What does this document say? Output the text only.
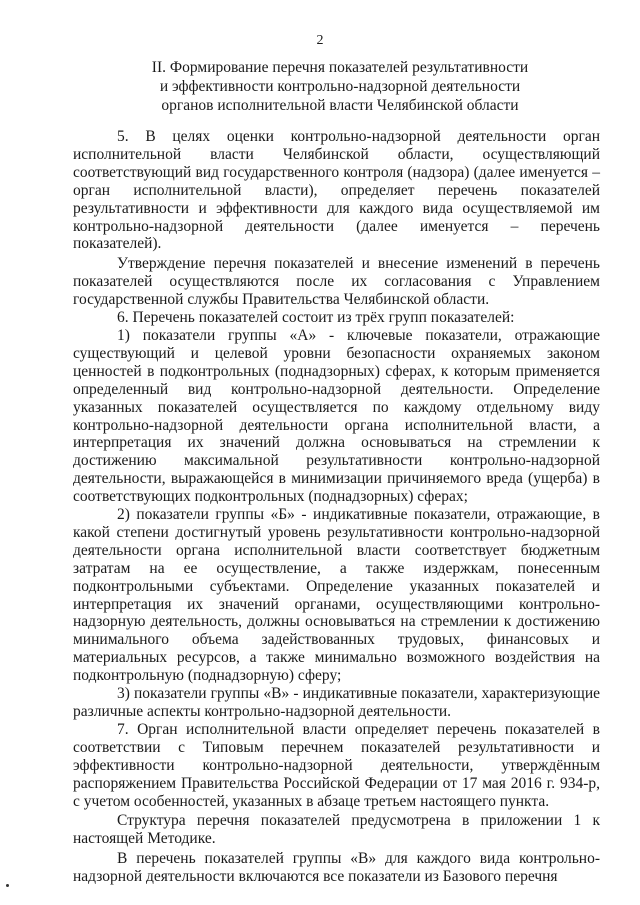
2
II. Формирование перечня показателей результативности
и эффективности контрольно-надзорной деятельности
органов исполнительной власти Челябинской области

5. В целях оценки контрольно-надзорной деятельности орган исполнительной власти Челябинской области, осуществляющий соответствующий вид государственного контроля (надзора) (далее именуется – орган исполнительной власти), определяет перечень показателей результативности и эффективности для каждого вида осуществляемой им контрольно-надзорной деятельности (далее именуется – перечень показателей).

Утверждение перечня показателей и внесение изменений в перечень показателей осуществляются после их согласования с Управлением государственной службы Правительства Челябинской области.

6. Перечень показателей состоит из трёх групп показателей:

1) показатели группы «А» - ключевые показатели, отражающие существующий и целевой уровни безопасности охраняемых законом ценностей в подконтрольных (поднадзорных) сферах, к которым применяется определенный вид контрольно-надзорной деятельности. Определение указанных показателей осуществляется по каждому отдельному виду контрольно-надзорной деятельности органа исполнительной власти, а интерпретация их значений должна основываться на стремлении к достижению максимальной результативности контрольно-надзорной деятельности, выражающейся в минимизации причиняемого вреда (ущерба) в соответствующих подконтрольных (поднадзорных) сферах;

2) показатели группы «Б» - индикативные показатели, отражающие, в какой степени достигнутый уровень результативности контрольно-надзорной деятельности органа исполнительной власти соответствует бюджетным затратам на ее осуществление, а также издержкам, понесенным подконтрольными субъектами. Определение указанных показателей и интерпретация их значений органами, осуществляющими контрольно-надзорную деятельность, должны основываться на стремлении к достижению минимального объема задействованных трудовых, финансовых и материальных ресурсов, а также минимально возможного воздействия на подконтрольную (поднадзорную) сферу;

3) показатели группы «В» - индикативные показатели, характеризующие различные аспекты контрольно-надзорной деятельности.

7. Орган исполнительной власти определяет перечень показателей в соответствии с Типовым перечнем показателей результативности и эффективности контрольно-надзорной деятельности, утверждённым распоряжением Правительства Российской Федерации от 17 мая 2016 г. 934-р, с учетом особенностей, указанных в абзаце третьем настоящего пункта.

Структура перечня показателей предусмотрена в приложении 1 к настоящей Методике.

В перечень показателей группы «В» для каждого вида контрольно-надзорной деятельности включаются все показатели из Базового перечня
